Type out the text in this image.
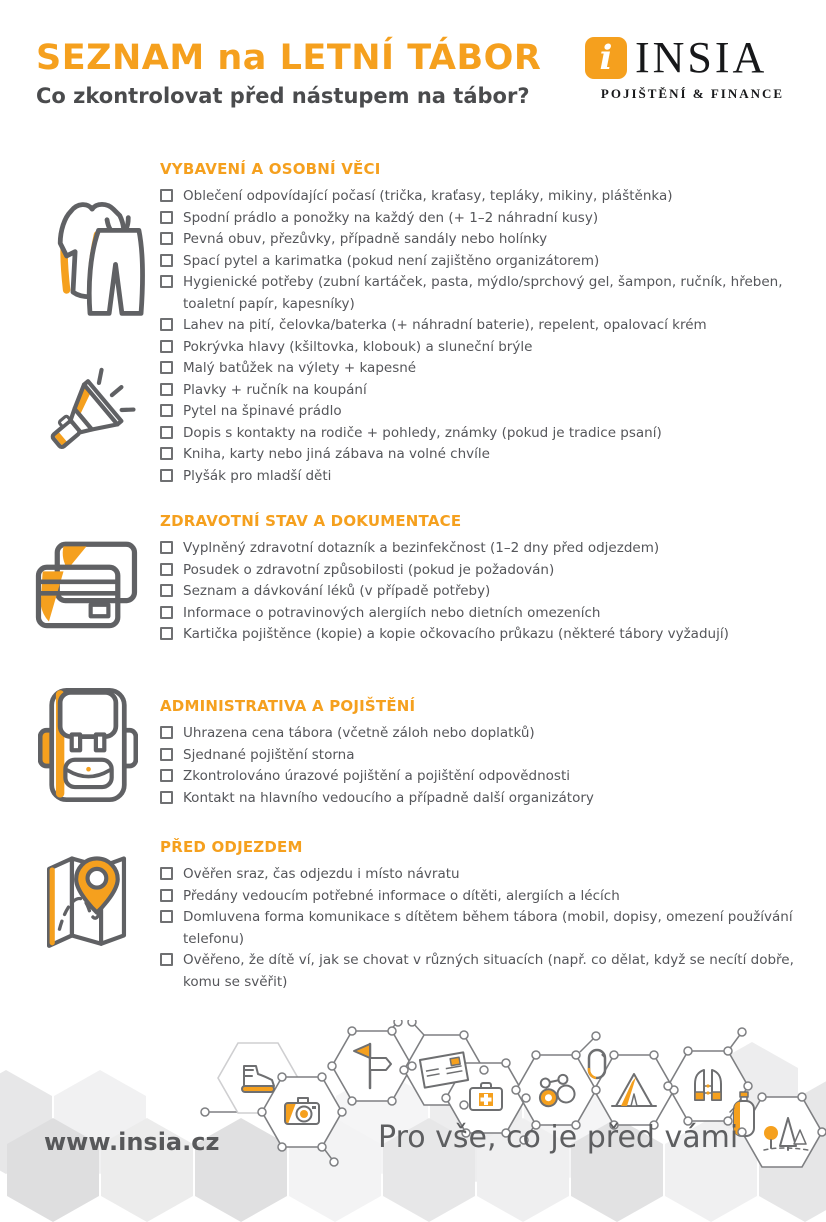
SEZNAM na LETNÍ TÁBOR
Co zkontrolovat před nástupem na tábor?
i INSIA
POJIŠTĚNÍ & FINANCE
VYBAVENÍ A OSOBNÍ VĚCI
Oblečení odpovídající počasí (trička, kraťasy, tepláky, mikiny, pláštěnka)
Spodní prádlo a ponožky na každý den (+ 1–2 náhradní kusy)
Pevná obuv, přezůvky, případně sandály nebo holínky
Spací pytel a karimatka (pokud není zajištěno organizátorem)
Hygienické potřeby (zubní kartáček, pasta, mýdlo/sprchový gel, šampon, ručník, hřeben, toaletní papír, kapesníky)
Lahev na pití, čelovka/baterka (+ náhradní baterie), repelent, opalovací krém
Pokrývka hlavy (kšiltovka, klobouk) a sluneční brýle
Malý batůžek na výlety + kapesné
Plavky + ručník na koupání
Pytel na špinavé prádlo
Dopis s kontakty na rodiče + pohledy, známky (pokud je tradice psaní)
Kniha, karty nebo jiná zábava na volné chvíle
Plyšák pro mladší děti
ZDRAVOTNÍ STAV A DOKUMENTACE
Vyplněný zdravotní dotazník a bezinfekčnost (1–2 dny před odjezdem)
Posudek o zdravotní způsobilosti (pokud je požadován)
Seznam a dávkování léků (v případě potřeby)
Informace o potravinových alergiích nebo dietních omezeních
Kartička pojištěnce (kopie) a kopie očkovacího průkazu (některé tábory vyžadují)
ADMINISTRATIVA A POJIŠTĚNÍ
Uhrazena cena tábora (včetně záloh nebo doplatků)
Sjednané pojištění storna
Zkontrolováno úrazové pojištění a pojištění odpovědnosti
Kontakt na hlavního vedoucího a případně další organizátory
PŘED ODJEZDEM
Ověřen sraz, čas odjezdu i místo návratu
Předány vedoucím potřebné informace o dítěti, alergiích a lécích
Domluvena forma komunikace s dítětem během tábora (mobil, dopisy, omezení používání telefonu)
Ověřeno, že dítě ví, jak se chovat v různých situacích (např. co dělat, když se necítí dobře, komu se svěřit)
www.insia.cz	Pro vše, co je před vámi
